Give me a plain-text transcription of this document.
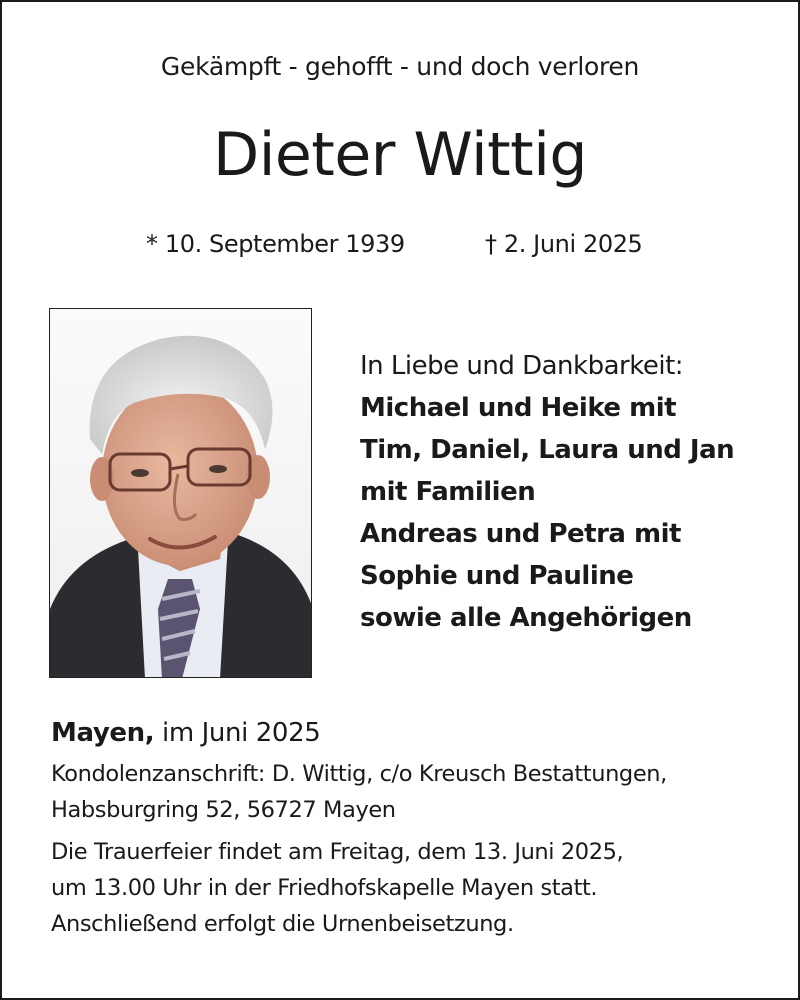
Gekämpft - gehofft - und doch verloren
Dieter Wittig
* 10. September 1939	† 2. Juni 2025
In Liebe und Dankbarkeit:
Michael und Heike mit
Tim, Daniel, Laura und Jan
mit Familien
Andreas und Petra mit
Sophie und Pauline
sowie alle Angehörigen
Mayen, im Juni 2025
Kondolenzanschrift: D. Wittig, c/o Kreusch Bestattungen,
Habsburgring 52, 56727 Mayen
Die Trauerfeier findet am Freitag, dem 13. Juni 2025,
um 13.00 Uhr in der Friedhofskapelle Mayen statt.
Anschließend erfolgt die Urnenbeisetzung.
